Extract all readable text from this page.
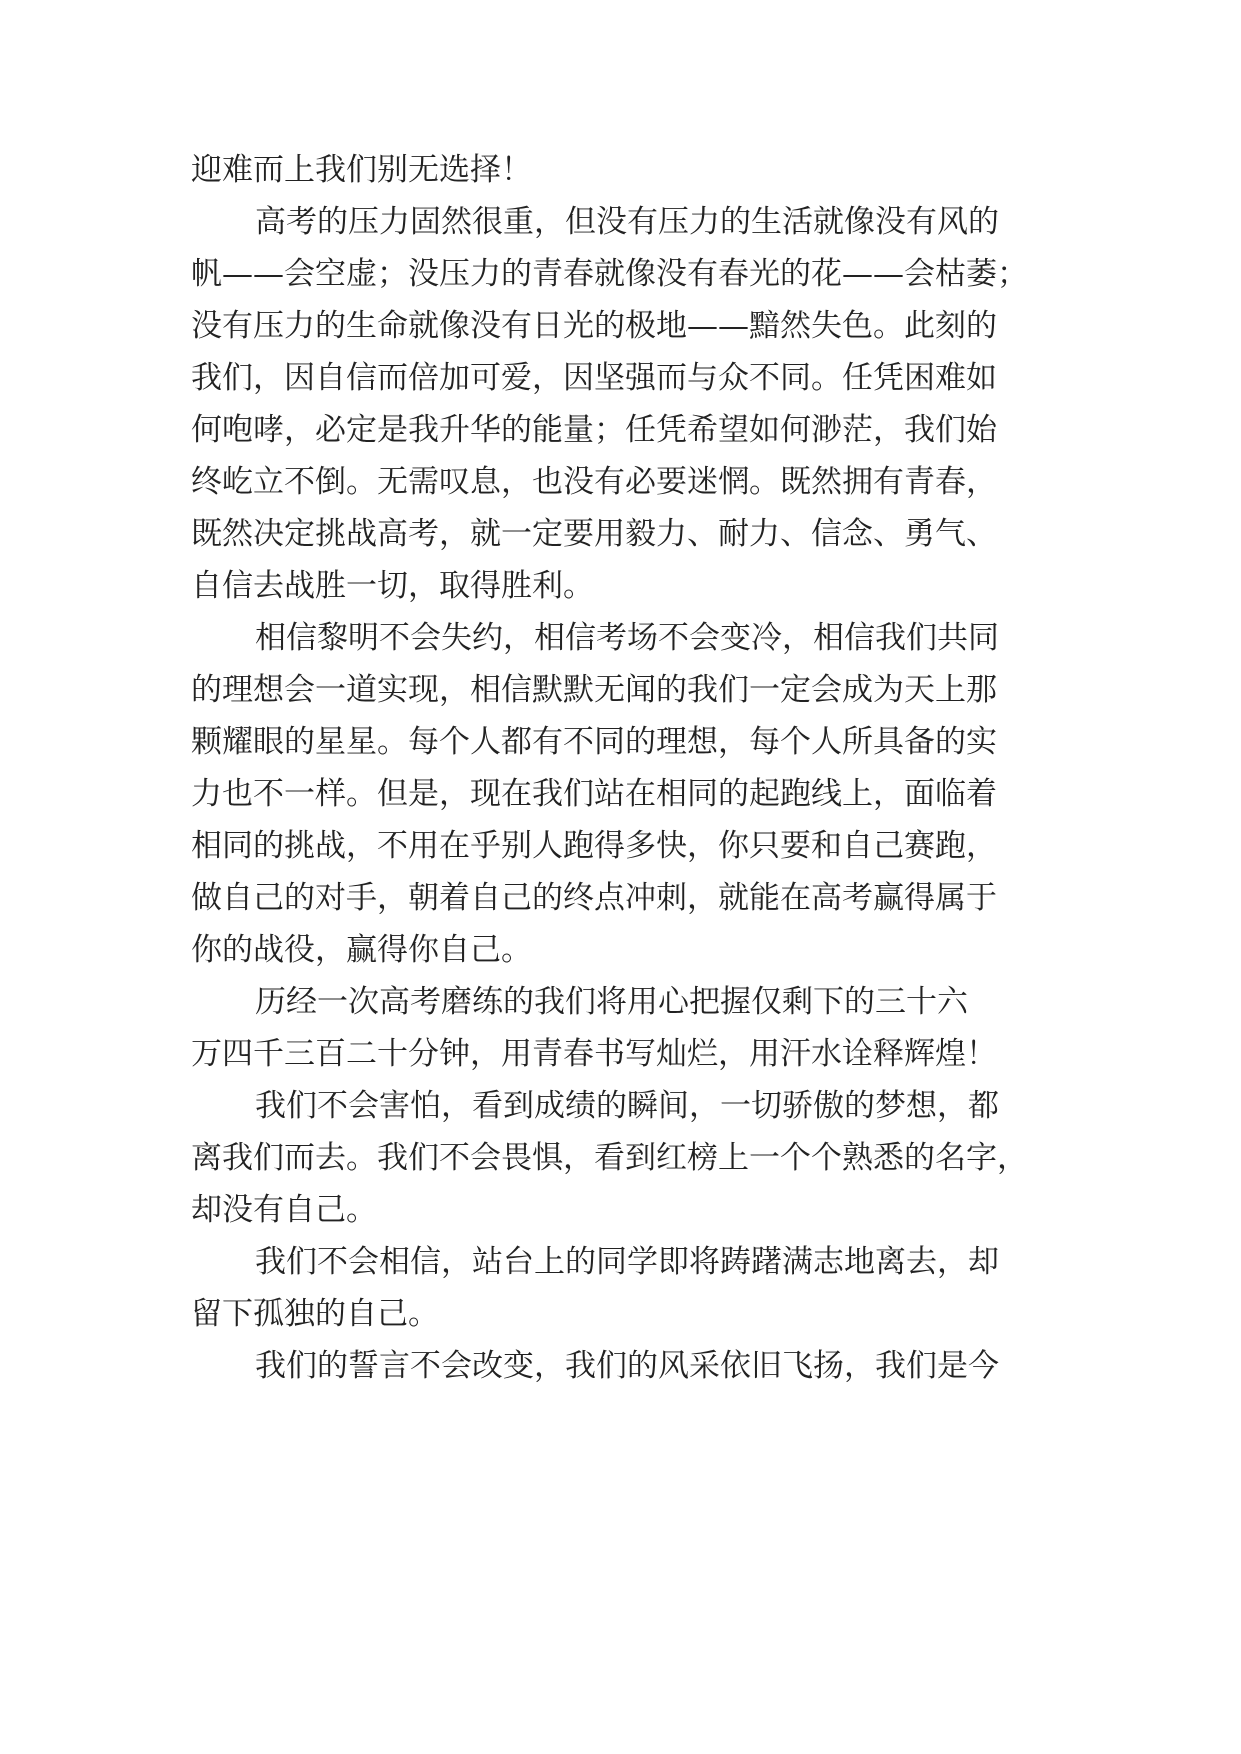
迎难而上我们别无选择！

高考的压力固然很重，但没有压力的生活就像没有风的

帆——会空虚；没压力的青春就像没有春光的花——会枯萎；

没有压力的生命就像没有日光的极地——黯然失色。此刻的

我们，因自信而倍加可爱，因坚强而与众不同。任凭困难如

何咆哮，必定是我升华的能量；任凭希望如何渺茫，我们始

终屹立不倒。无需叹息，也没有必要迷惘。既然拥有青春，

既然决定挑战高考，就一定要用毅力、耐力、信念、勇气、

自信去战胜一切，取得胜利。

相信黎明不会失约，相信考场不会变冷，相信我们共同

的理想会一道实现，相信默默无闻的我们一定会成为天上那

颗耀眼的星星。每个人都有不同的理想，每个人所具备的实

力也不一样。但是，现在我们站在相同的起跑线上，面临着

相同的挑战，不用在乎别人跑得多快，你只要和自己赛跑，

做自己的对手，朝着自己的终点冲刺，就能在高考赢得属于

你的战役，赢得你自己。

历经一次高考磨练的我们将用心把握仅剩下的三十六

万四千三百二十分钟，用青春书写灿烂，用汗水诠释辉煌！

我们不会害怕，看到成绩的瞬间，一切骄傲的梦想，都

离我们而去。我们不会畏惧，看到红榜上一个个熟悉的名字，

却没有自己。

我们不会相信，站台上的同学即将踌躇满志地离去，却

留下孤独的自己。

我们的誓言不会改变，我们的风采依旧飞扬，我们是今
